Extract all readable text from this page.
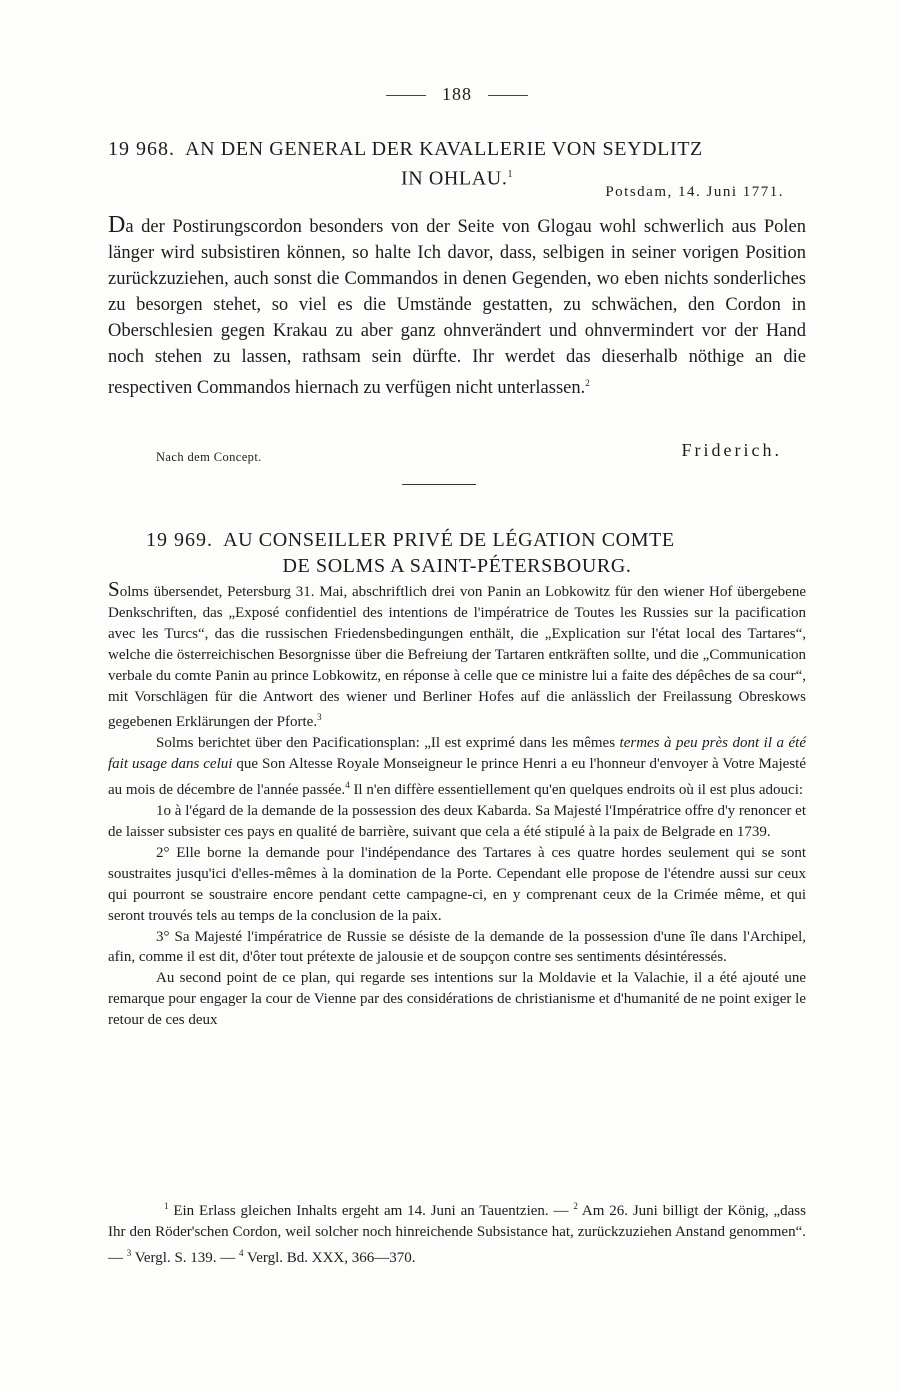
188
19 968. AN DEN GENERAL DER KAVALLERIE VON SEYDLITZ
IN OHLAU.$^1$
Potsdam, 14. Juni 1771.
Da der Postirungscordon besonders von der Seite von Glogau wohl schwerlich aus Polen länger wird subsistiren können, so halte Ich davor, dass, selbigen in seiner vorigen Position zurückzuziehen, auch sonst die Commandos in denen Gegenden, wo eben nichts sonderliches zu besorgen stehet, so viel es die Umstände gestatten, zu schwächen, den Cordon in Oberschlesien gegen Krakau zu aber ganz ohnverändert und ohnvermindert vor der Hand noch stehen zu lassen, rathsam sein dürfte. Ihr werdet das dieserhalb nöthige an die respectiven Commandos hiernach zu verfügen nicht unterlassen.$^2$
Nach dem Concept.	Friderich.
19 969. AU CONSEILLER PRIVÉ DE LÉGATION COMTE
DE SOLMS A SAINT-PÉTERSBOURG.

Solms übersendet, Petersburg 31. Mai, abschriftlich drei von Panin an Lobkowitz für den wiener Hof übergebene Denkschriften, das „Exposé confidentiel des intentions de l'impératrice de Toutes les Russies sur la pacification avec les Turcs“, das die russischen Friedensbedingungen enthält, die „Explication sur l'état local des Tartares“, welche die österreichischen Besorgnisse über die Befreiung der Tartaren entkräften sollte, und die „Communication verbale du comte Panin au prince Lobkowitz, en réponse à celle que ce ministre lui a faite des dépêches de sa cour“, mit Vorschlägen für die Antwort des wiener und Berliner Hofes auf die anlässlich der Freilassung Obreskows gegebenen Erklärungen der Pforte.$^3$

Solms berichtet über den Pacificationsplan: „Il est exprimé dans les mêmes termes à peu près dont il a été fait usage dans celui que Son Altesse Royale Monseigneur le prince Henri a eu l'honneur d'envoyer à Votre Majesté au mois de décembre de l'année passée.$^4$ Il n'en diffère essentiellement qu'en quelques endroits où il est plus adouci:

1o à l'égard de la demande de la possession des deux Kabarda. Sa Majesté l'Impératrice offre d'y renoncer et de laisser subsister ces pays en qualité de barrière, suivant que cela a été stipulé à la paix de Belgrade en 1739.

2° Elle borne la demande pour l'indépendance des Tartares à ces quatre hordes seulement qui se sont soustraites jusqu'ici d'elles-mêmes à la domination de la Porte. Cependant elle propose de l'étendre aussi sur ceux qui pourront se soustraire encore pendant cette campagne-ci, en y comprenant ceux de la Crimée même, et qui seront trouvés tels au temps de la conclusion de la paix.

3° Sa Majesté l'impératrice de Russie se désiste de la demande de la possession d'une île dans l'Archipel, afin, comme il est dit, d'ôter tout prétexte de jalousie et de soupçon contre ses sentiments désintéressés.

Au second point de ce plan, qui regarde ses intentions sur la Moldavie et la Valachie, il a été ajouté une remarque pour engager la cour de Vienne par des considérations de christianisme et d'humanité de ne point exiger le retour de ces deux

$^1$ Ein Erlass gleichen Inhalts ergeht am 14. Juni an Tauentzien. — $^2$ Am 26. Juni billigt der König, „dass Ihr den Röder'schen Cordon, weil solcher noch hinreichende Subsistance hat, zurückzuziehen Anstand genommen“. — $^3$ Vergl. S. 139. — $^4$ Vergl. Bd. XXX, 366—370.
